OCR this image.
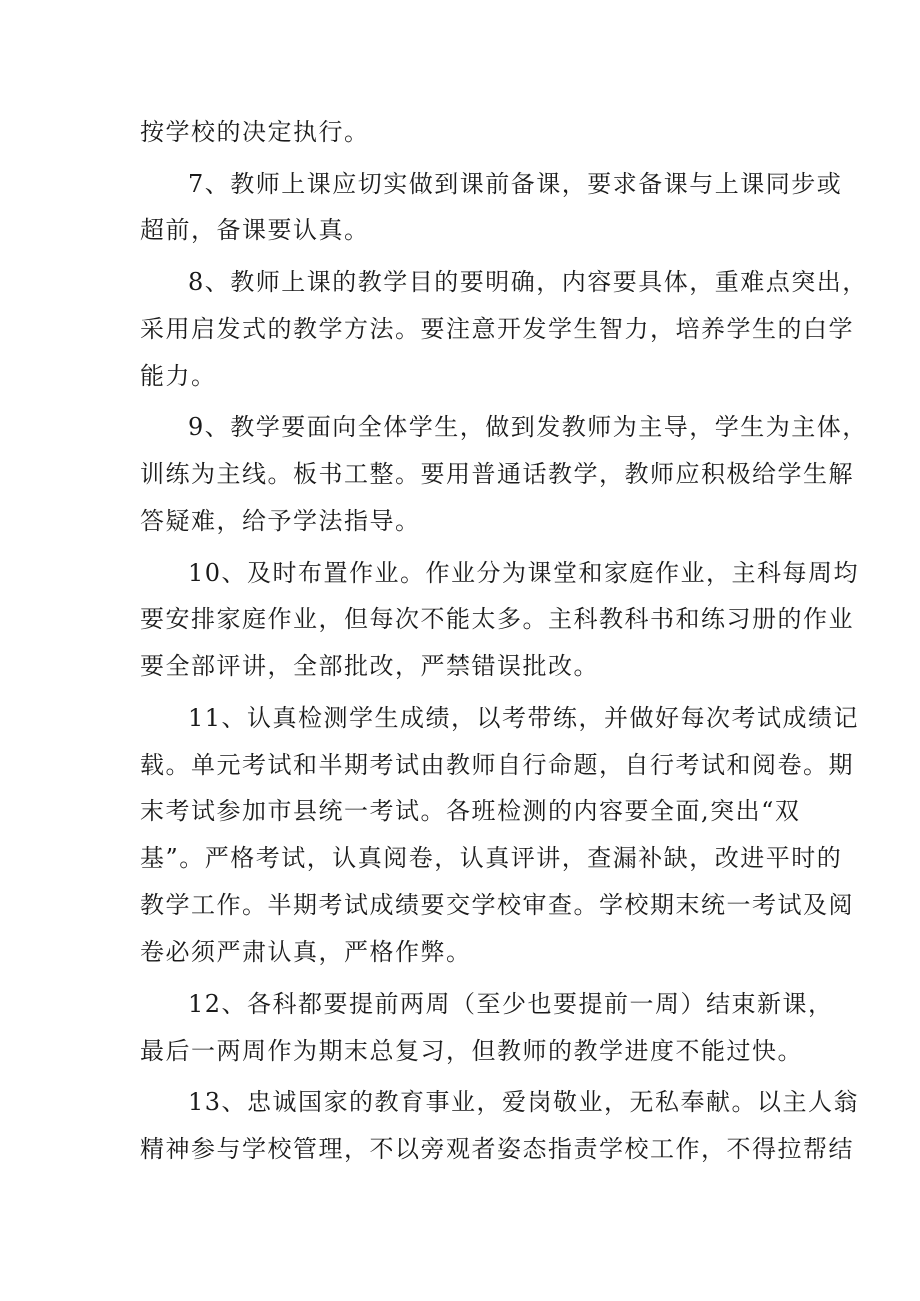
按学校的决定执行。
7、教师上课应切实做到课前备课，要求备课与上课同步或
超前，备课要认真。
8、教师上课的教学目的要明确，内容要具体，重难点突出，
采用启发式的教学方法。要注意开发学生智力，培养学生的白学
能力。
9、教学要面向全体学生，做到发教师为主导，学生为主体，
训练为主线。板书工整。要用普通话教学，教师应积极给学生解
答疑难，给予学法指导。
10、及时布置作业。作业分为课堂和家庭作业，主科每周均
要安排家庭作业，但每次不能太多。主科教科书和练习册的作业
要全部评讲，全部批改，严禁错误批改。
11、认真检测学生成绩，以考带练，并做好每次考试成绩记
载。单元考试和半期考试由教师自行命题，自行考试和阅卷。期
末考试参加市县统一考试。各班检测的内容要全面,突出“双
基”。严格考试，认真阅卷，认真评讲，查漏补缺，改进平时的
教学工作。半期考试成绩要交学校审查。学校期末统一考试及阅
卷必须严肃认真，严格作弊。
12、各科都要提前两周（至少也要提前一周）结束新课，
最后一两周作为期末总复习，但教师的教学进度不能过快。
13、忠诚国家的教育事业，爱岗敬业，无私奉献。以主人翁
精神参与学校管理，不以旁观者姿态指责学校工作，不得拉帮结
